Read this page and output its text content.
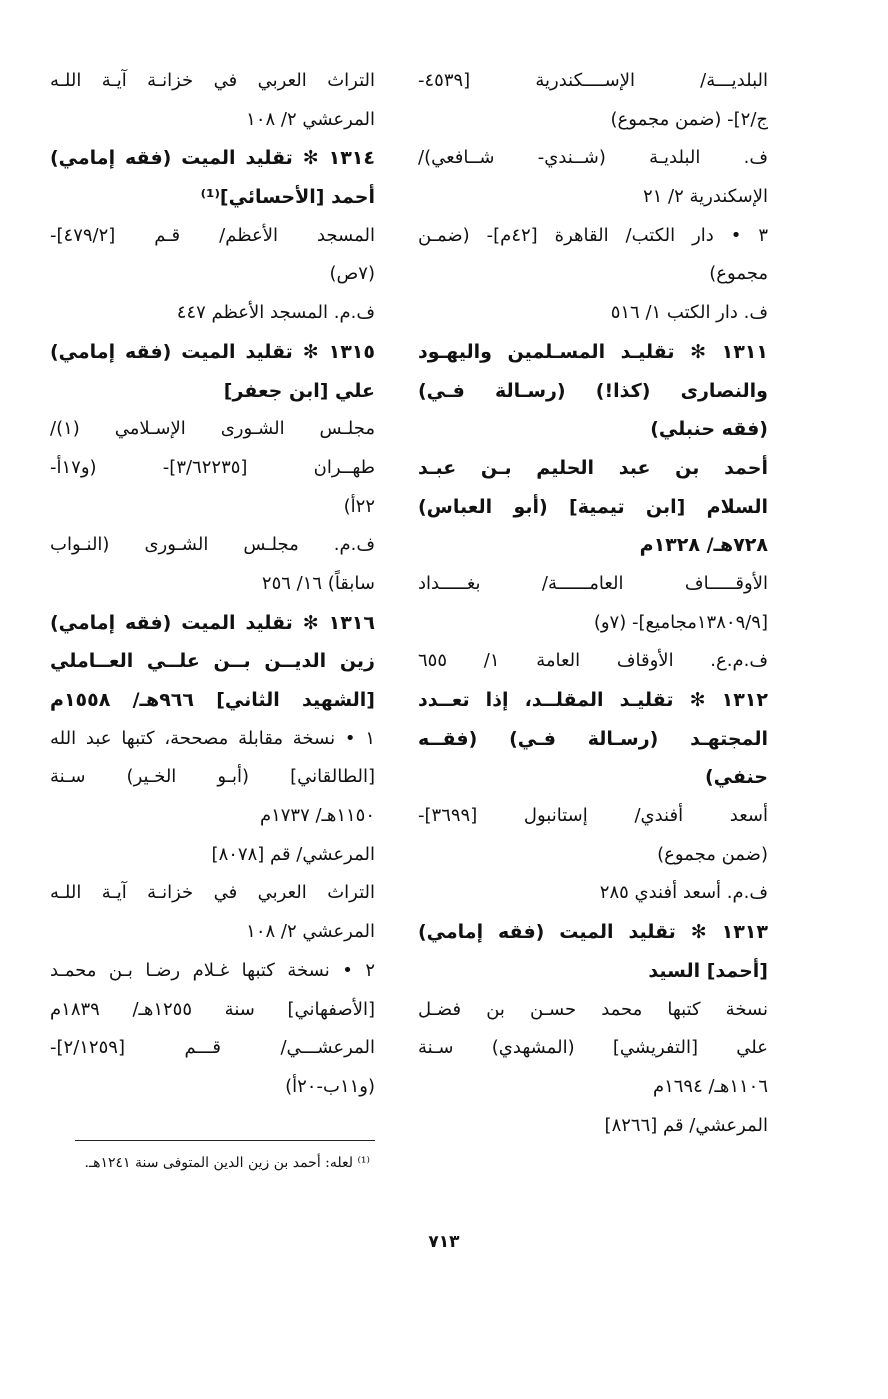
البلديـــة/ الإســــكندرية [٤٥٣٩-
ج/٢]- (ضمن مجموع)
ف. البلديـة (شــندي- شــافعي)/
الإسكندرية ٢/ ٢١
٣ • دار الكتب/ القاهرة [٤٢م]- (ضمـن
مجموع)
ف. دار الكتب ١/ ٥١٦
١٣١١ ✻ تقليـد المسـلمين واليهـود
والنصارى (كذا!) (رسـالة فـي)
(فقه حنبلي)
أحمد بن عبد الحليم بـن عبـد
السلام [ابن تيمية] (أبو العباس)
٧٢٨هـ/ ١٣٢٨م
الأوقـــــاف العامــــــة/ بغـــــداد
[١٣٨٠٩/٩مجاميع]- (٧و)
ف.م.ع. الأوقاف العامة ١/ ٦٥٥
١٣١٢ ✻ تقليـد المقلــد، إذا تعــدد
المجتهـد (رسـالة فـي) (فقــه
حنفي)
أسعد أفندي/ إستانبول [٣٦٩٩]-
(ضمن مجموع)
ف.م. أسعد أفندي ٢٨٥
١٣١٣ ✻ تقليد الميت (فقه إمامي)
[أحمد] السيد
نسخة كتبها محمد حسـن بن فضـل
علي [التفريشي] (المشهدي) سـنة
١١٠٦هـ/ ١٦٩٤م
المرعشي/ قم [٨٢٦٦]
التراث العربي في خزانـة آيـة اللـه
المرعشي ٢/ ١٠٨
١٣١٤ ✻ تقليد الميت (فقه إمامي)
أحمد [الأحسائي]⁽¹⁾
المسجد الأعظم/ قـم [٤٧٩/٢]-
(٧ص)
ف.م. المسجد الأعظم ٤٤٧
١٣١٥ ✻ تقليد الميت (فقه إمامي)
علي [ابن جعفر]
مجلـس الشـورى الإسـلامي (١)/
طهــران [٣/٦٢٢٣٥]- (و١٧أ-
٢٢أ)
ف.م. مجلـس الشـورى (النـواب
سابقاً) ١٦/ ٢٥٦
١٣١٦ ✻ تقليد الميت (فقه إمامي)
زين الديــن بــن علــي العــاملي
[الشهيد الثاني] ٩٦٦هـ/ ١٥٥٨م
١ • نسخة مقابلة مصححة، كتبها عبد الله
[الطالقاني] (أبـو الخـير) سـنة
١١٥٠هـ/ ١٧٣٧م
المرعشي/ قم [٨٠٧٨]
التراث العربي في خزانـة آيـة اللـه
المرعشي ٢/ ١٠٨
٢ • نسخة كتبها غـلام رضـا بـن محمـد
[الأصفهاني] سنة ١٢٥٥هـ/ ١٨٣٩م
المرعشـــي/ قـــم [٢/١٢٥٩]-
(و١١ب-٢٠أ)
⁽¹⁾ لعله: أحمد بن زين الدين المتوفى سنة ١٢٤١هـ.
٧١٣
